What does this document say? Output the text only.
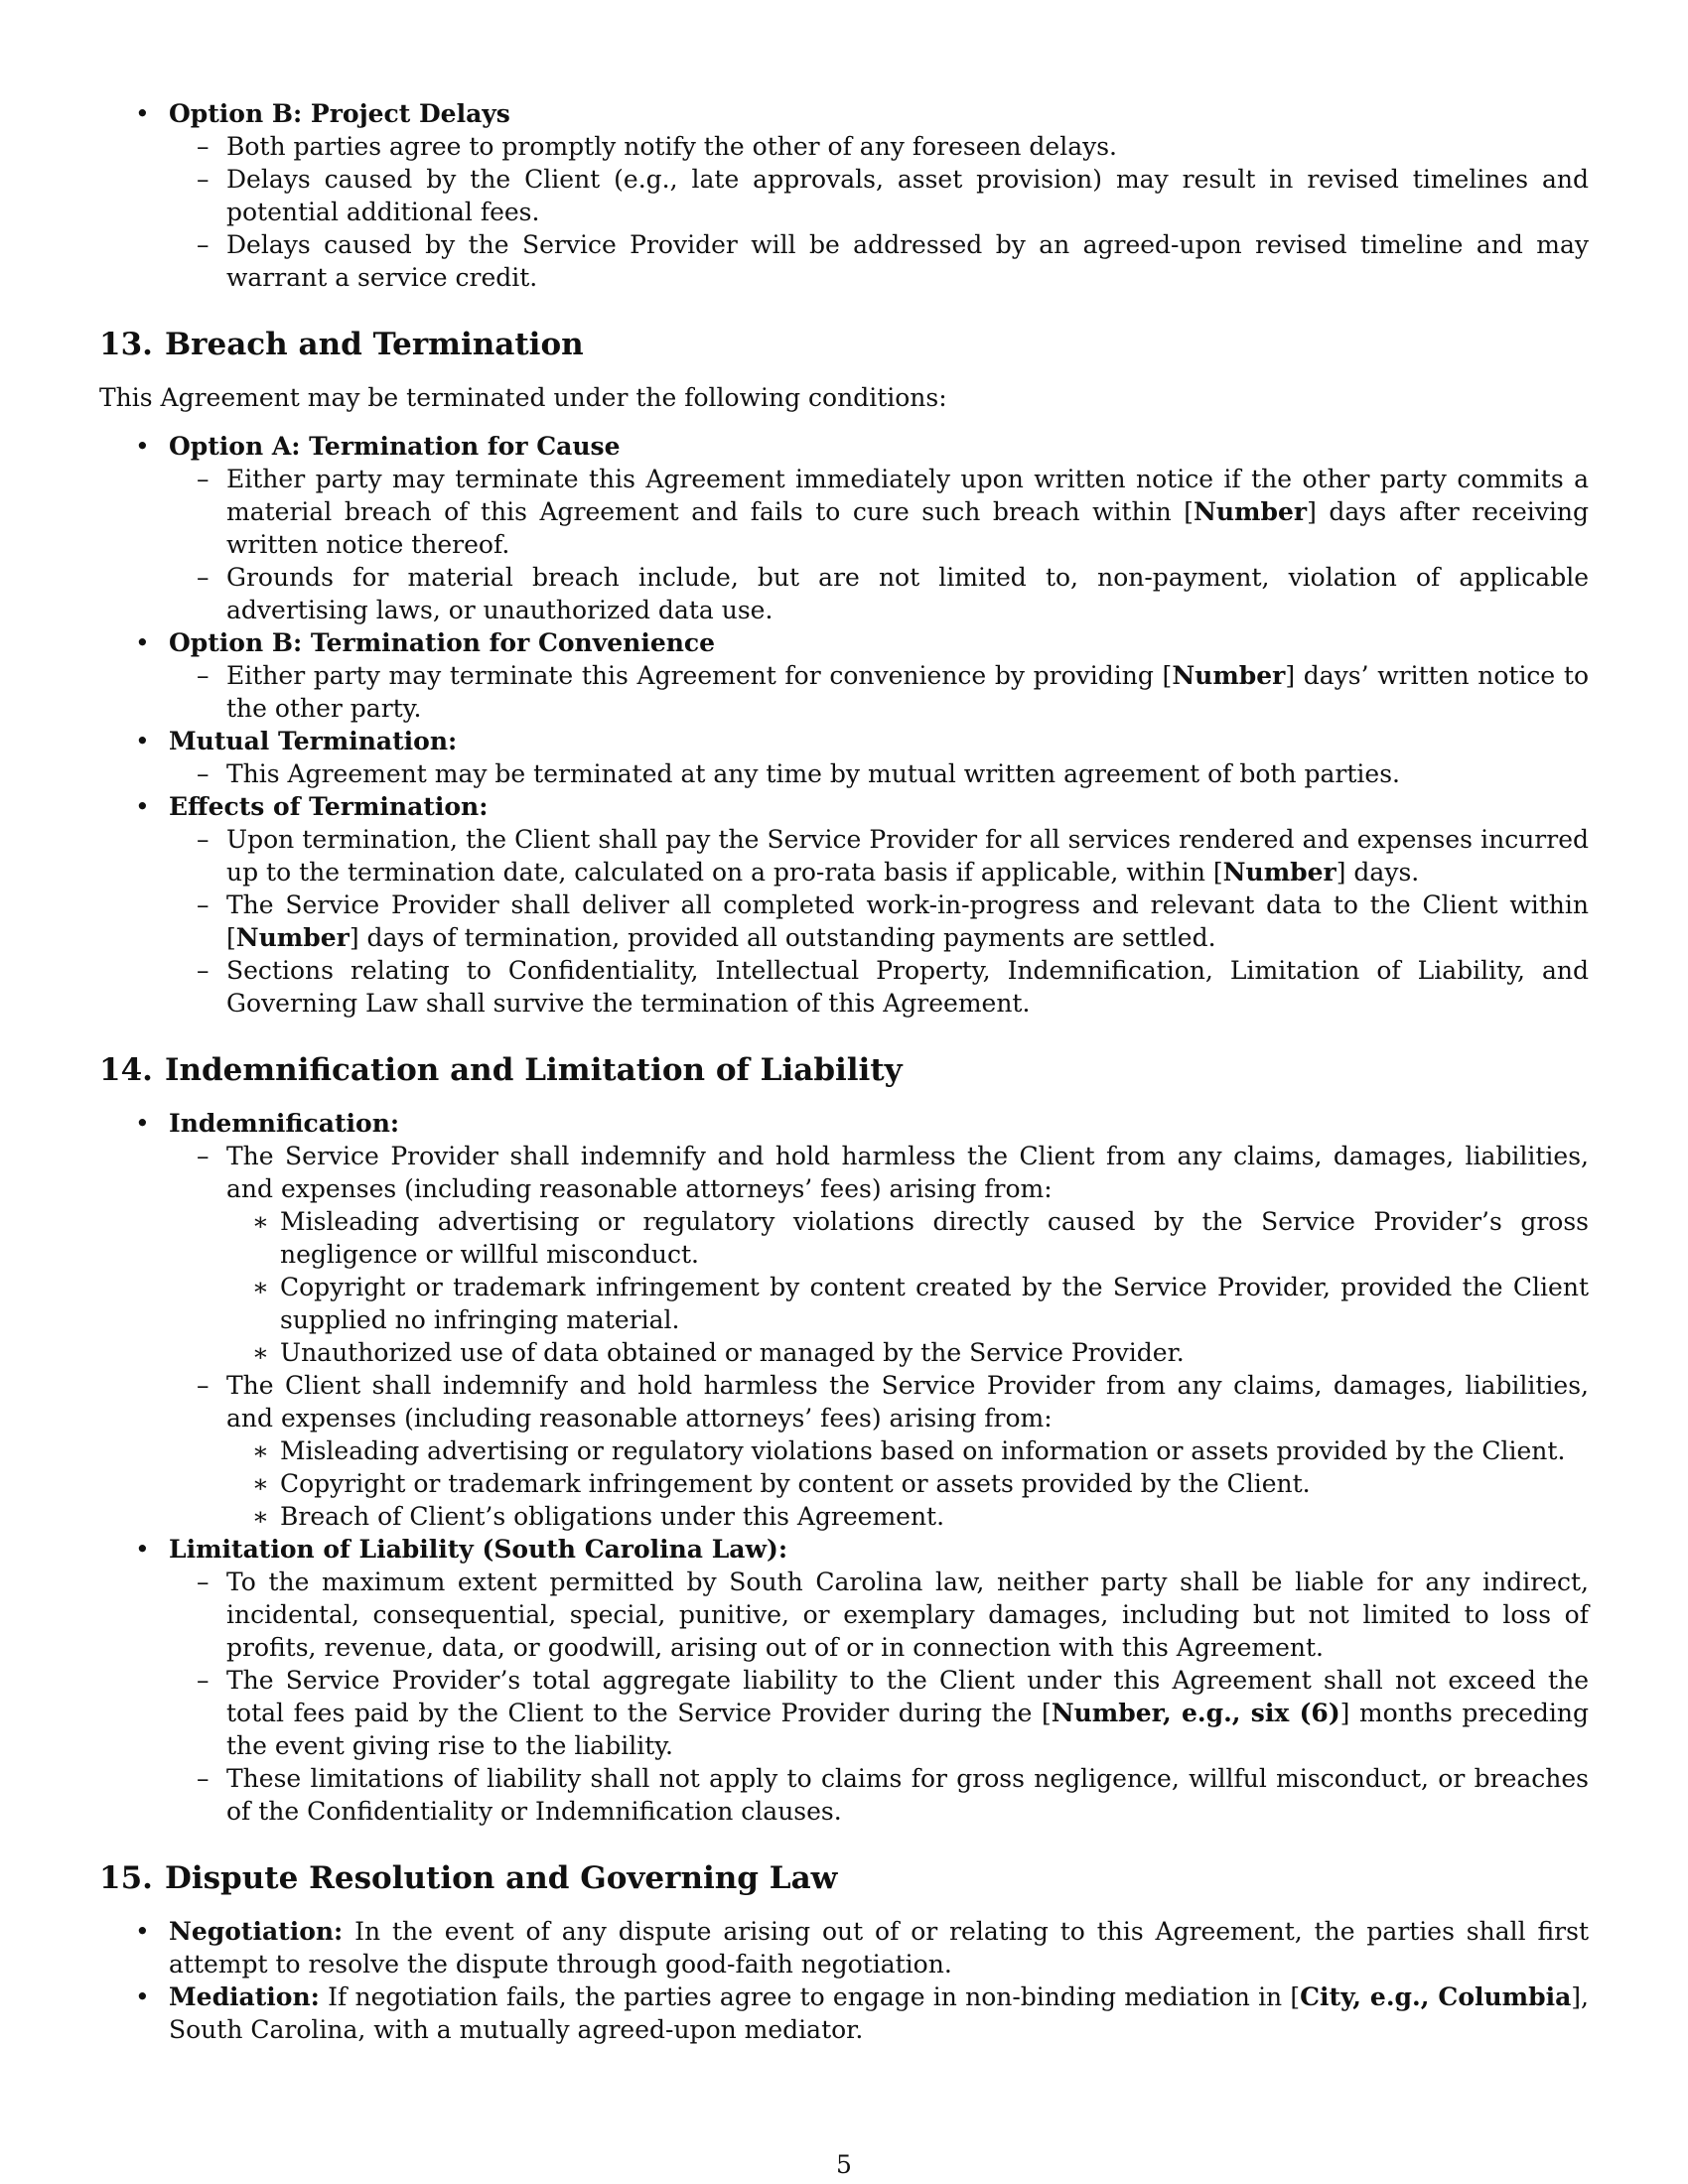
• Option B: Project Delays
– Both parties agree to promptly notify the other of any foreseen delays.
– Delays caused by the Client (e.g., late approvals, asset provision) may result in revised timelines and potential additional fees.
– Delays caused by the Service Provider will be addressed by an agreed-upon revised timeline and may warrant a service credit.
13. Breach and Termination
This Agreement may be terminated under the following conditions:
• Option A: Termination for Cause
– Either party may terminate this Agreement immediately upon written notice if the other party commits a material breach of this Agreement and fails to cure such breach within [Number] days after receiving written notice thereof.
– Grounds for material breach include, but are not limited to, non-payment, violation of applicable advertising laws, or unauthorized data use.
• Option B: Termination for Convenience
– Either party may terminate this Agreement for convenience by providing [Number] days’ written notice to the other party.
• Mutual Termination:
– This Agreement may be terminated at any time by mutual written agreement of both parties.
• Effects of Termination:
– Upon termination, the Client shall pay the Service Provider for all services rendered and expenses incurred up to the termination date, calculated on a pro-rata basis if applicable, within [Number] days.
– The Service Provider shall deliver all completed work-in-progress and relevant data to the Client within [Number] days of termination, provided all outstanding payments are settled.
– Sections relating to Confidentiality, Intellectual Property, Indemnification, Limitation of Liability, and Governing Law shall survive the termination of this Agreement.
14. Indemnification and Limitation of Liability
• Indemnification:
– The Service Provider shall indemnify and hold harmless the Client from any claims, damages, liabilities, and expenses (including reasonable attorneys’ fees) arising from:
∗ Misleading advertising or regulatory violations directly caused by the Service Provider’s gross negligence or willful misconduct.
∗ Copyright or trademark infringement by content created by the Service Provider, provided the Client supplied no infringing material.
∗ Unauthorized use of data obtained or managed by the Service Provider.
– The Client shall indemnify and hold harmless the Service Provider from any claims, damages, liabilities, and expenses (including reasonable attorneys’ fees) arising from:
∗ Misleading advertising or regulatory violations based on information or assets provided by the Client.
∗ Copyright or trademark infringement by content or assets provided by the Client.
∗ Breach of Client’s obligations under this Agreement.
• Limitation of Liability (South Carolina Law):
– To the maximum extent permitted by South Carolina law, neither party shall be liable for any indirect, incidental, consequential, special, punitive, or exemplary damages, including but not limited to loss of profits, revenue, data, or goodwill, arising out of or in connection with this Agreement.
– The Service Provider’s total aggregate liability to the Client under this Agreement shall not exceed the total fees paid by the Client to the Service Provider during the [Number, e.g., six (6)] months preceding the event giving rise to the liability.
– These limitations of liability shall not apply to claims for gross negligence, willful misconduct, or breaches of the Confidentiality or Indemnification clauses.
15. Dispute Resolution and Governing Law
• Negotiation: In the event of any dispute arising out of or relating to this Agreement, the parties shall first attempt to resolve the dispute through good-faith negotiation.
• Mediation: If negotiation fails, the parties agree to engage in non-binding mediation in [City, e.g., Columbia], South Carolina, with a mutually agreed-upon mediator.
5
